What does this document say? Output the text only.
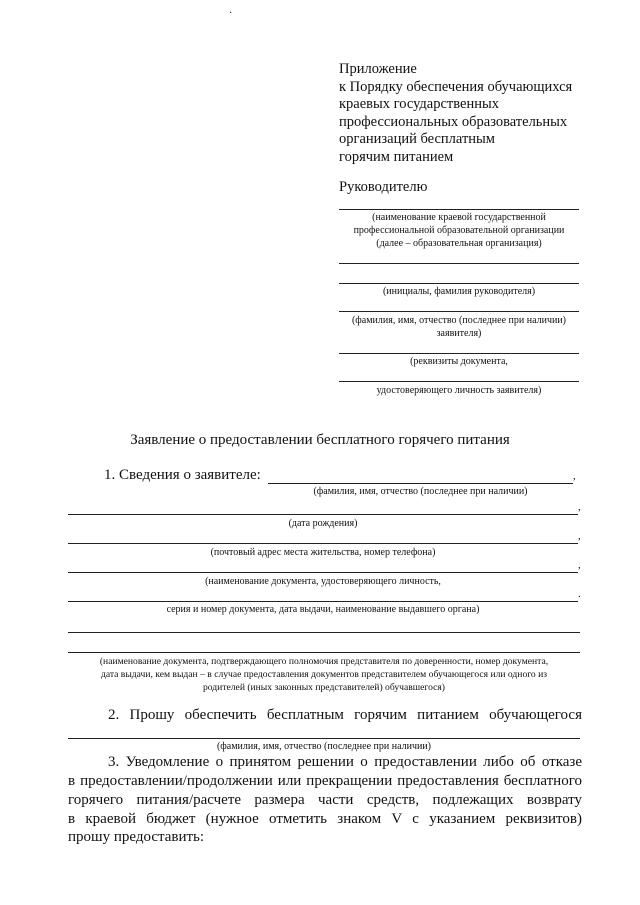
·
Приложение
к Порядку обеспечения обучающихся
краевых государственных
профессиональных образовательных
организаций бесплатным
горячим питанием
Руководителю
(наименование краевой государственной
профессиональной образовательной организации
(далее – образовательная организация)
(инициалы, фамилия руководителя)
(фамилия, имя, отчество (последнее при наличии)
заявителя)
(реквизиты документа,
удостоверяющего личность заявителя)
Заявление о предоставлении бесплатного горячего питания
1. Сведения о заявителе:	,
(фамилия, имя, отчество (последнее при наличии)
,
(дата рождения)
,
(почтовый адрес места жительства, номер телефона)
,
(наименование документа, удостоверяющего личность,
.
серия и номер документа, дата выдачи, наименование выдавшего органа)
(наименование документа, подтверждающего полномочия представителя по доверенности, номер документа,
дата выдачи, кем выдан – в случае предоставления документов представителем обучающегося или одного из
родителей (иных законных представителей) обучавшегося)
2. Прошу обеспечить бесплатным горячим питанием обучающегося
(фамилия, имя, отчество (последнее при наличии)
3. Уведомление о принятом решении о предоставлении либо об отказе
в предоставлении/продолжении или прекращении предоставления бесплатного
горячего питания/расчете размера части средств, подлежащих возврату
в краевой бюджет (нужное отметить знаком V с указанием реквизитов)
прошу предоставить:
